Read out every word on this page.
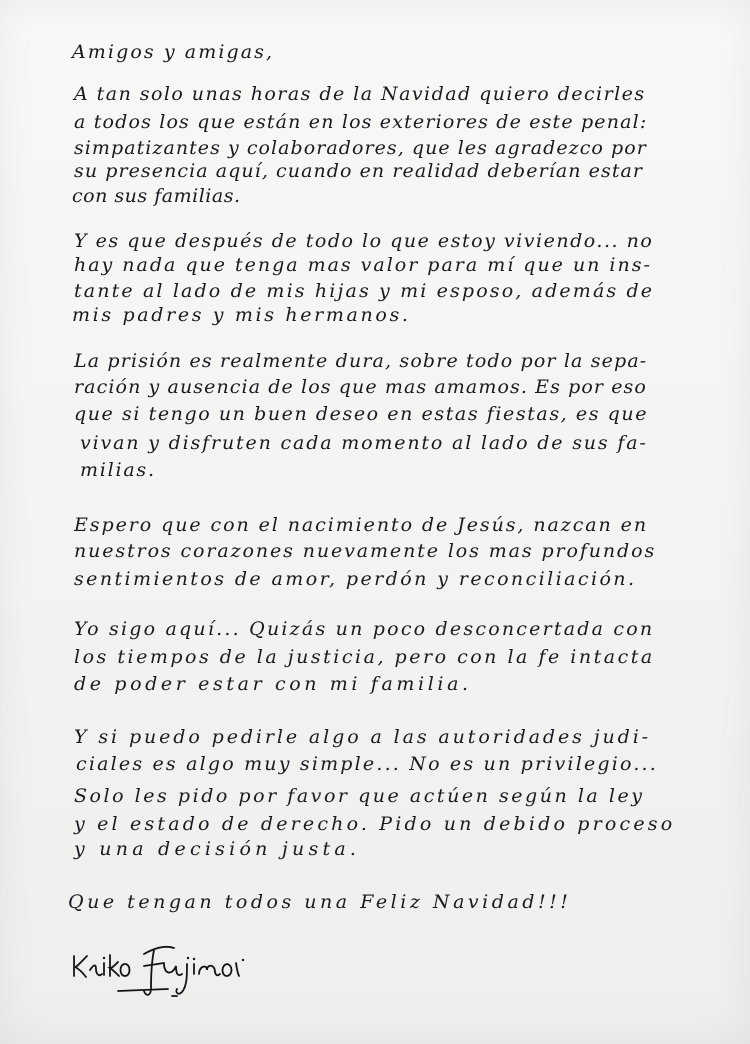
Amigos y amigas,
A tan solo unas horas de la Navidad quiero decirles
a todos los que están en los exteriores de este penal:
simpatizantes y colaboradores, que les agradezco por
su presencia aquí, cuando en realidad deberían estar
con sus familias.
Y es que después de todo lo que estoy viviendo... no
hay nada que tenga mas valor para mí que un ins-
tante al lado de mis hijas y mi esposo, además de
mis padres y mis hermanos.
La prisión es realmente dura, sobre todo por la sepa-
ración y ausencia de los que mas amamos. Es por eso
que si tengo un buen deseo en estas fiestas, es que
vivan y disfruten cada momento al lado de sus fa-
milias.
Espero que con el nacimiento de Jesús, nazcan en
nuestros corazones nuevamente los mas profundos
sentimientos de amor, perdón y reconciliación.
Yo sigo aquí... Quizás un poco desconcertada con
los tiempos de la justicia, pero con la fe intacta
de poder estar con mi familia.
Y si puedo pedirle algo a las autoridades judi-
ciales es algo muy simple... No es un privilegio...
Solo les pido por favor que actúen según la ley
y el estado de derecho. Pido un debido proceso
y una decisión justa.
Que tengan todos una Feliz Navidad!!!
